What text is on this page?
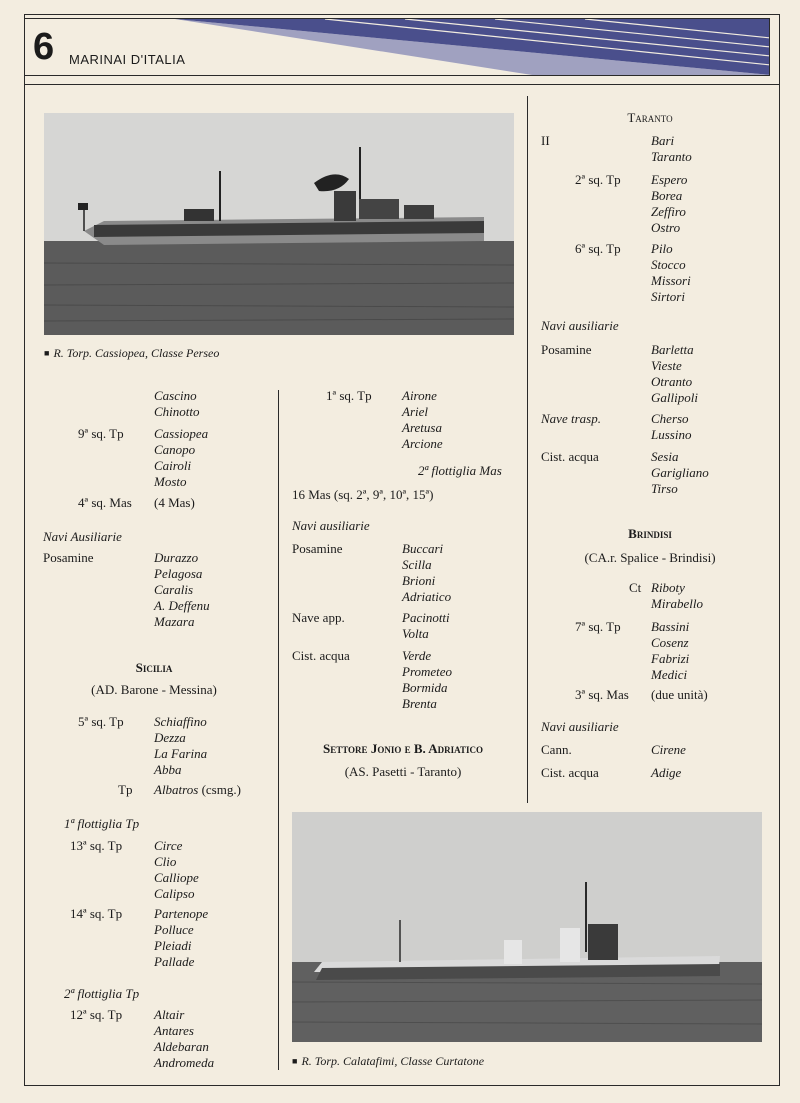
6 MARINAI D'ITALIA
■ R. Torp. Cassiopea, Classe Perseo
Cascino
Chinotto
9ª sq. Tp	Cassiopea
Canopo
Cairoli
Mosto
4ª sq. Mas	(4 Mas)
Navi Ausiliarie
Posamine	Durazzo
Pelagosa
Caralis
A. Deffenu
Mazara
Sicilia
(AD. Barone - Messina)
5ª sq. Tp	Schiaffino
Dezza
La Farina
Abba
Tp	Albatros
(csmg.)
1ª flottiglia Tp
13ª sq. Tp	Circe
Clio
Calliope
Calipso
14ª sq. Tp	Partenope
Polluce
Pleiadi
Pallade
2ª flottiglia Tp
12ª sq. Tp	Altair
Antares
Aldebaran
Andromeda
1ª sq. Tp	Airone
Ariel
Aretusa
Arcione
2ª flottiglia Mas
16 Mas (sq. 2ª, 9ª, 10ª, 15ª)
Navi ausiliarie
Posamine	Buccari
Scilla
Brioni
Adriatico
Nave app.	Pacinotti
Volta
Cist. acqua	Verde
Prometeo
Bormida
Brenta
Settore Jonio e B. Adriatico
(AS. Pasetti - Taranto)
Taranto
II	Bari
Taranto
2ª sq. Tp	Espero
Borea
Zeffiro
Ostro
6ª sq. Tp	Pilo
Stocco
Missori
Sirtori
Navi ausiliarie
Posamine	Barletta
Vieste
Otranto
Gallipoli
Nave trasp.	Cherso
Lussino
Cist. acqua	Sesia
Garigliano
Tirso
Brindisi
(CA.r. Spalice - Brindisi)
Ct Riboty
Mirabello
7ª sq. Tp	Bassini
Cosenz
Fabrizi
Medici
3ª sq. Mas	(due unità)
Navi ausiliarie
Cann.	Cirene
Cist. acqua	Adige
■ R. Torp. Calatafimi, Classe Curtatone
